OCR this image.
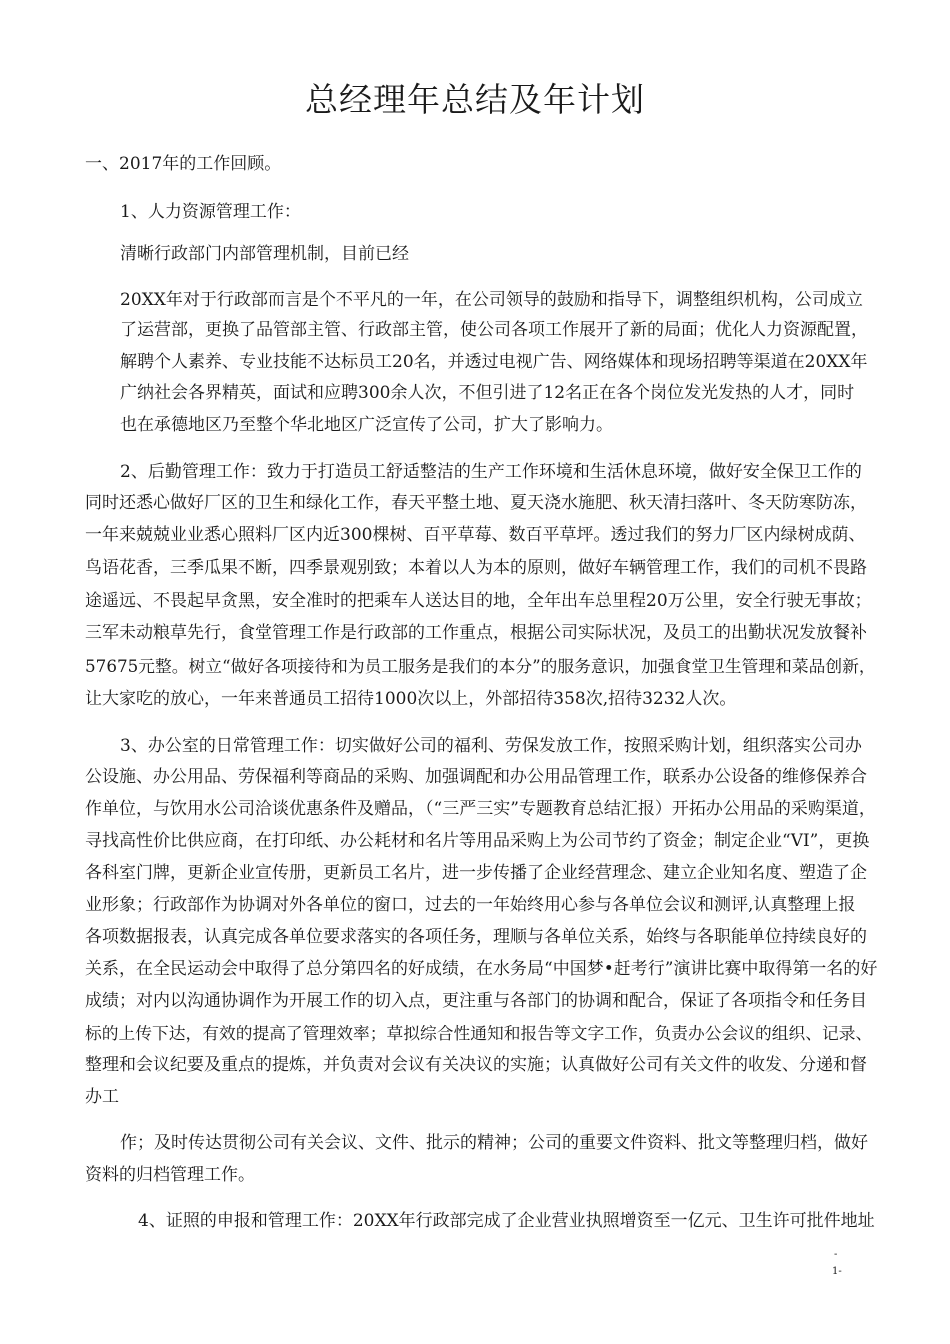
总经理年总结及年计划

一、2017年的工作回顾。

1、人力资源管理工作：

清晰行政部门内部管理机制，目前已经

20XX年对于行政部而言是个不平凡的一年，在公司领导的鼓励和指导下，调整组织机构，公司成立

了运营部，更换了品管部主管、行政部主管，使公司各项工作展开了新的局面；优化人力资源配置，

解聘个人素养、专业技能不达标员工20名，并透过电视广告、网络媒体和现场招聘等渠道在20XX年

广纳社会各界精英，面试和应聘300余人次，不但引进了12名正在各个岗位发光发热的人才，同时

也在承德地区乃至整个华北地区广泛宣传了公司，扩大了影响力。

2、后勤管理工作：致力于打造员工舒适整洁的生产工作环境和生活休息环境，做好安全保卫工作的

同时还悉心做好厂区的卫生和绿化工作，春天平整土地、夏天浇水施肥、秋天清扫落叶、冬天防寒防冻，

一年来兢兢业业悉心照料厂区内近300棵树、百平草莓、数百平草坪。透过我们的努力厂区内绿树成荫、

鸟语花香，三季瓜果不断，四季景观别致；本着以人为本的原则，做好车辆管理工作，我们的司机不畏路

途遥远、不畏起早贪黑，安全准时的把乘车人送达目的地，全年出车总里程20万公里，安全行驶无事故；

三军未动粮草先行，食堂管理工作是行政部的工作重点，根据公司实际状况，及员工的出勤状况发放餐补

57675元整。树立“做好各项接待和为员工服务是我们的本分”的服务意识，加强食堂卫生管理和菜品创新，

让大家吃的放心，一年来普通员工招待1000次以上，外部招待358次,招待3232人次。

3、办公室的日常管理工作：切实做好公司的福利、劳保发放工作，按照采购计划，组织落实公司办

公设施、办公用品、劳保福利等商品的采购、加强调配和办公用品管理工作，联系办公设备的维修保养合

作单位，与饮用水公司洽谈优惠条件及赠品，（“三严三实”专题教育总结汇报）开拓办公用品的采购渠道，

寻找高性价比供应商，在打印纸、办公耗材和名片等用品采购上为公司节约了资金；制定企业“VI”，更换

各科室门牌，更新企业宣传册，更新员工名片，进一步传播了企业经营理念、建立企业知名度、塑造了企

业形象；行政部作为协调对外各单位的窗口，过去的一年始终用心参与各单位会议和测评,认真整理上报

各项数据报表，认真完成各单位要求落实的各项任务，理顺与各单位关系，始终与各职能单位持续良好的

关系，在全民运动会中取得了总分第四名的好成绩，在水务局“中国梦•赶考行”演讲比赛中取得第一名的好

成绩；对内以沟通协调作为开展工作的切入点，更注重与各部门的协调和配合，保证了各项指令和任务目

标的上传下达，有效的提高了管理效率；草拟综合性通知和报告等文字工作，负责办公会议的组织、记录、

整理和会议纪要及重点的提炼，并负责对会议有关决议的实施；认真做好公司有关文件的收发、分递和督

办工

作；及时传达贯彻公司有关会议、文件、批示的精神；公司的重要文件资料、批文等整理归档，做好

资料的归档管理工作。

4、证照的申报和管理工作：20XX年行政部完成了企业营业执照增资至一亿元、卫生许可批件地址

-
1-
